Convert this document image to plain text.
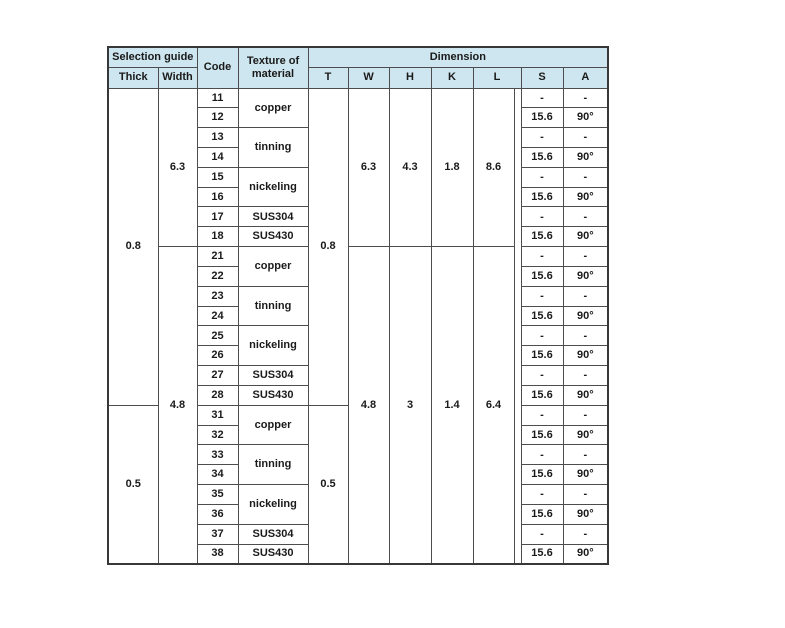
Selection guide		Code	Texture of
material	Dimension							
Thick	Width			T	W	H	K	L		S	A
0.8	6.3	11	copper	0.8	6.3	4.3	1.8	8.6		-	-
		12								15.6	90°
		13	tinning							-	-
		14								15.6	90°
		15	nickeling							-	-
		16								15.6	90°
		17	SUS304							-	-
		18	SUS430							15.6	90°
	4.8	21	copper		4.8	3	1.4	6.4		-	-
		22								15.6	90°
		23	tinning							-	-
		24								15.6	90°
		25	nickeling							-	-
		26								15.6	90°
		27	SUS304							-	-
		28	SUS430							15.6	90°
0.5		31	copper	0.5						-	-
		32								15.6	90°
		33	tinning							-	-
		34								15.6	90°
		35	nickeling							-	-
		36								15.6	90°
		37	SUS304							-	-
		38	SUS430							15.6	90°
